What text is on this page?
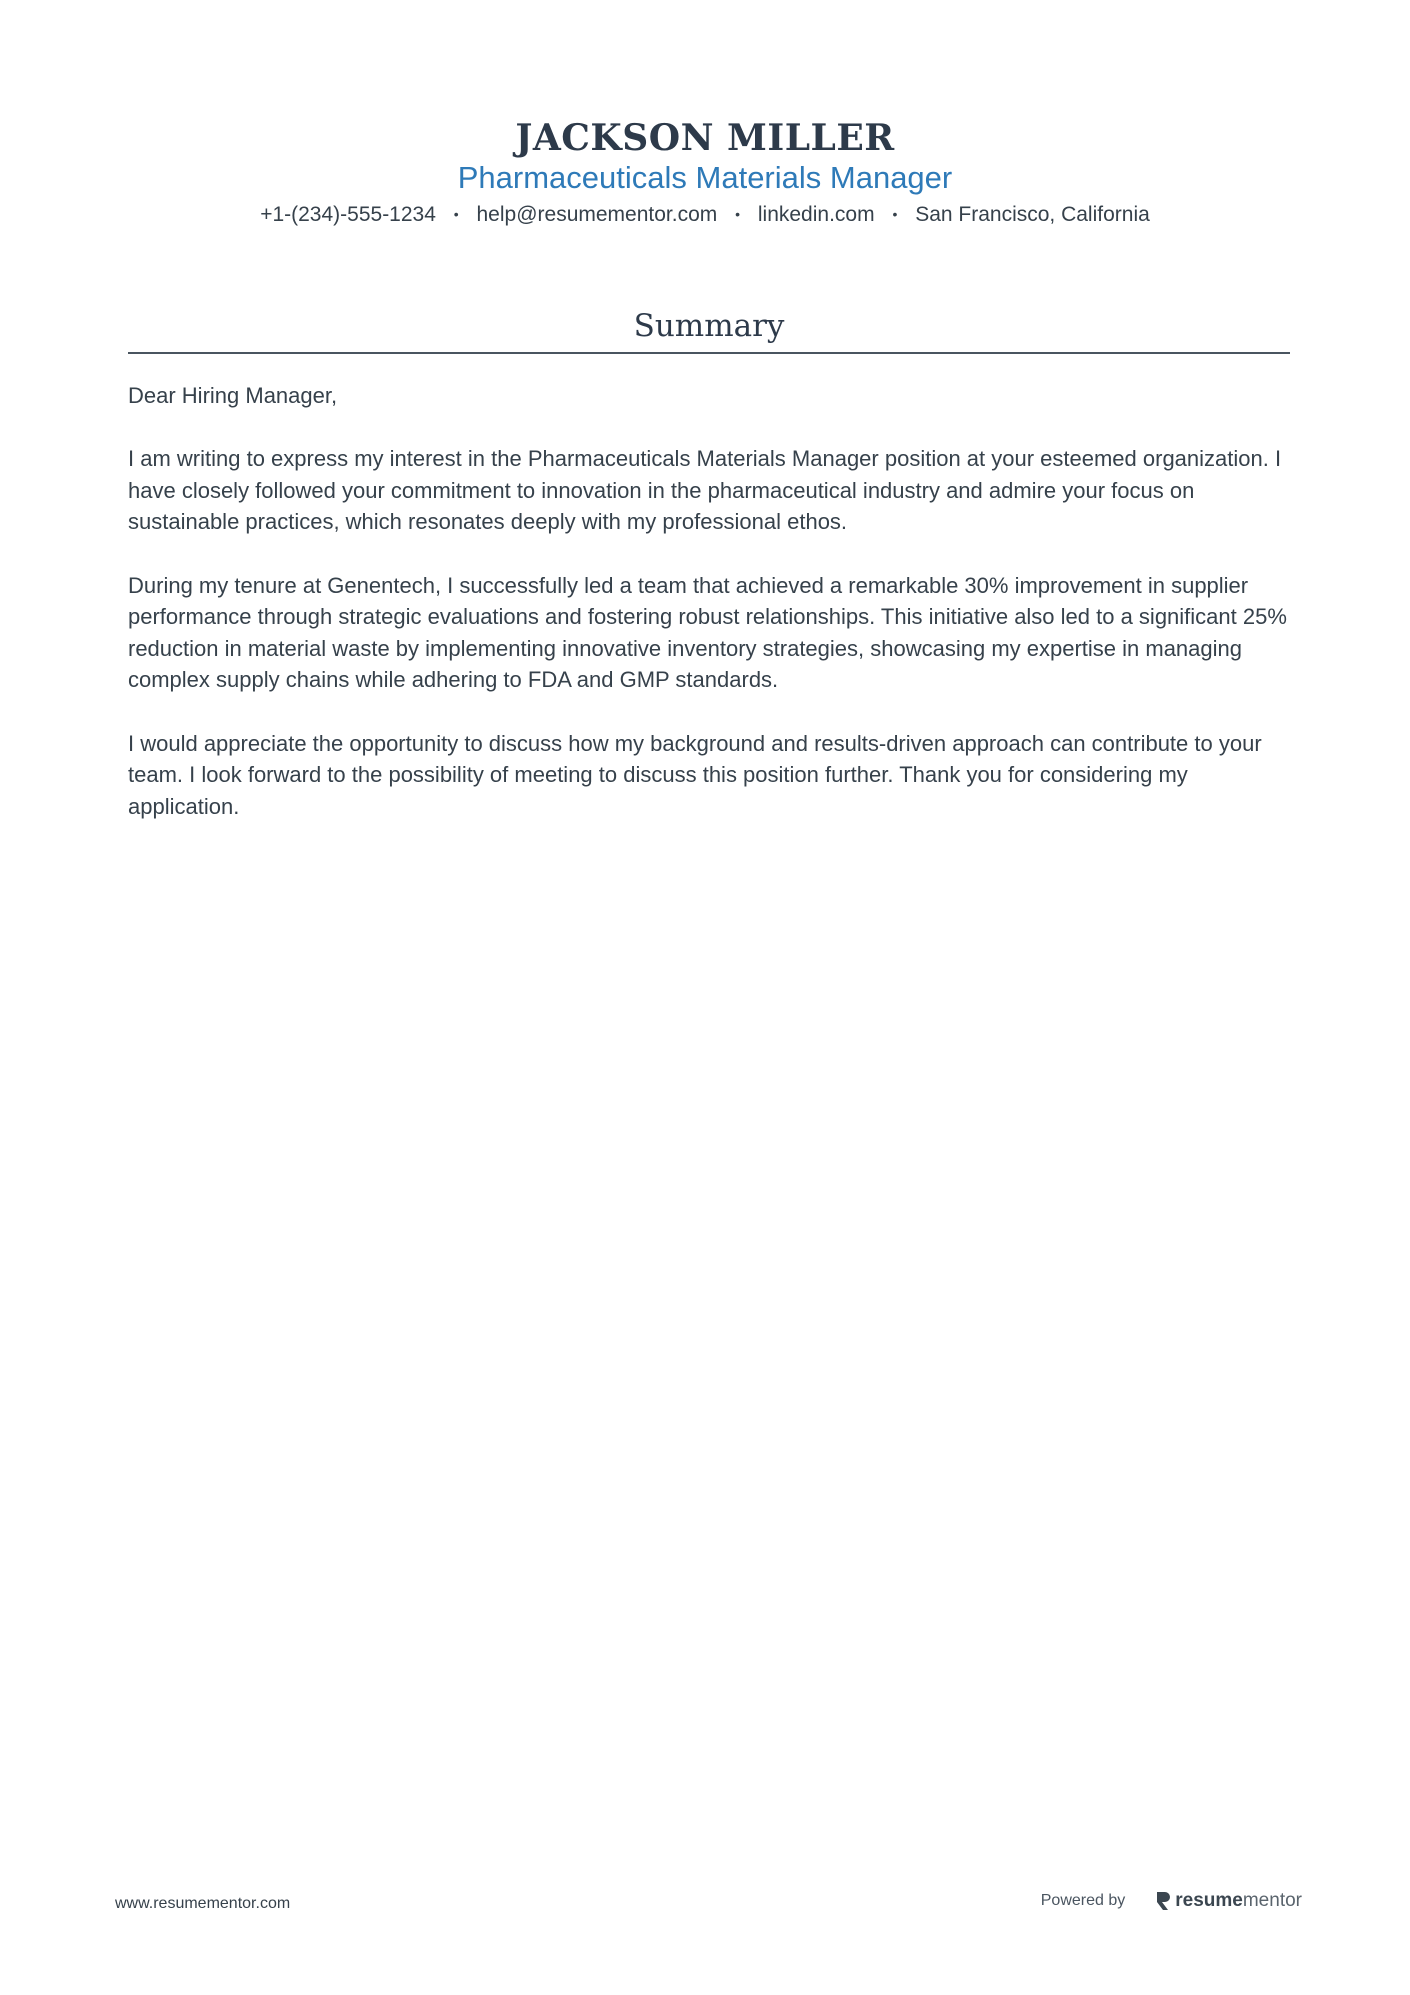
JACKSON MILLER
Pharmaceuticals Materials Manager
+1-(234)-555-1234 • help@resumementor.com • linkedin.com • San Francisco, California
Summary

Dear Hiring Manager,

I am writing to express my interest in the Pharmaceuticals Materials Manager position at your esteemed organization. I have closely followed your commitment to innovation in the pharmaceutical industry and admire your focus on sustainable practices, which resonates deeply with my professional ethos.

During my tenure at Genentech, I successfully led a team that achieved a remarkable 30% improvement in supplier performance through strategic evaluations and fostering robust relationships. This initiative also led to a significant 25% reduction in material waste by implementing innovative inventory strategies, showcasing my expertise in managing complex supply chains while adhering to FDA and GMP standards.

I would appreciate the opportunity to discuss how my background and results-driven approach can contribute to your team. I look forward to the possibility of meeting to discuss this position further. Thank you for considering my application.

www.resumementor.com	Powered by	resume mentor
